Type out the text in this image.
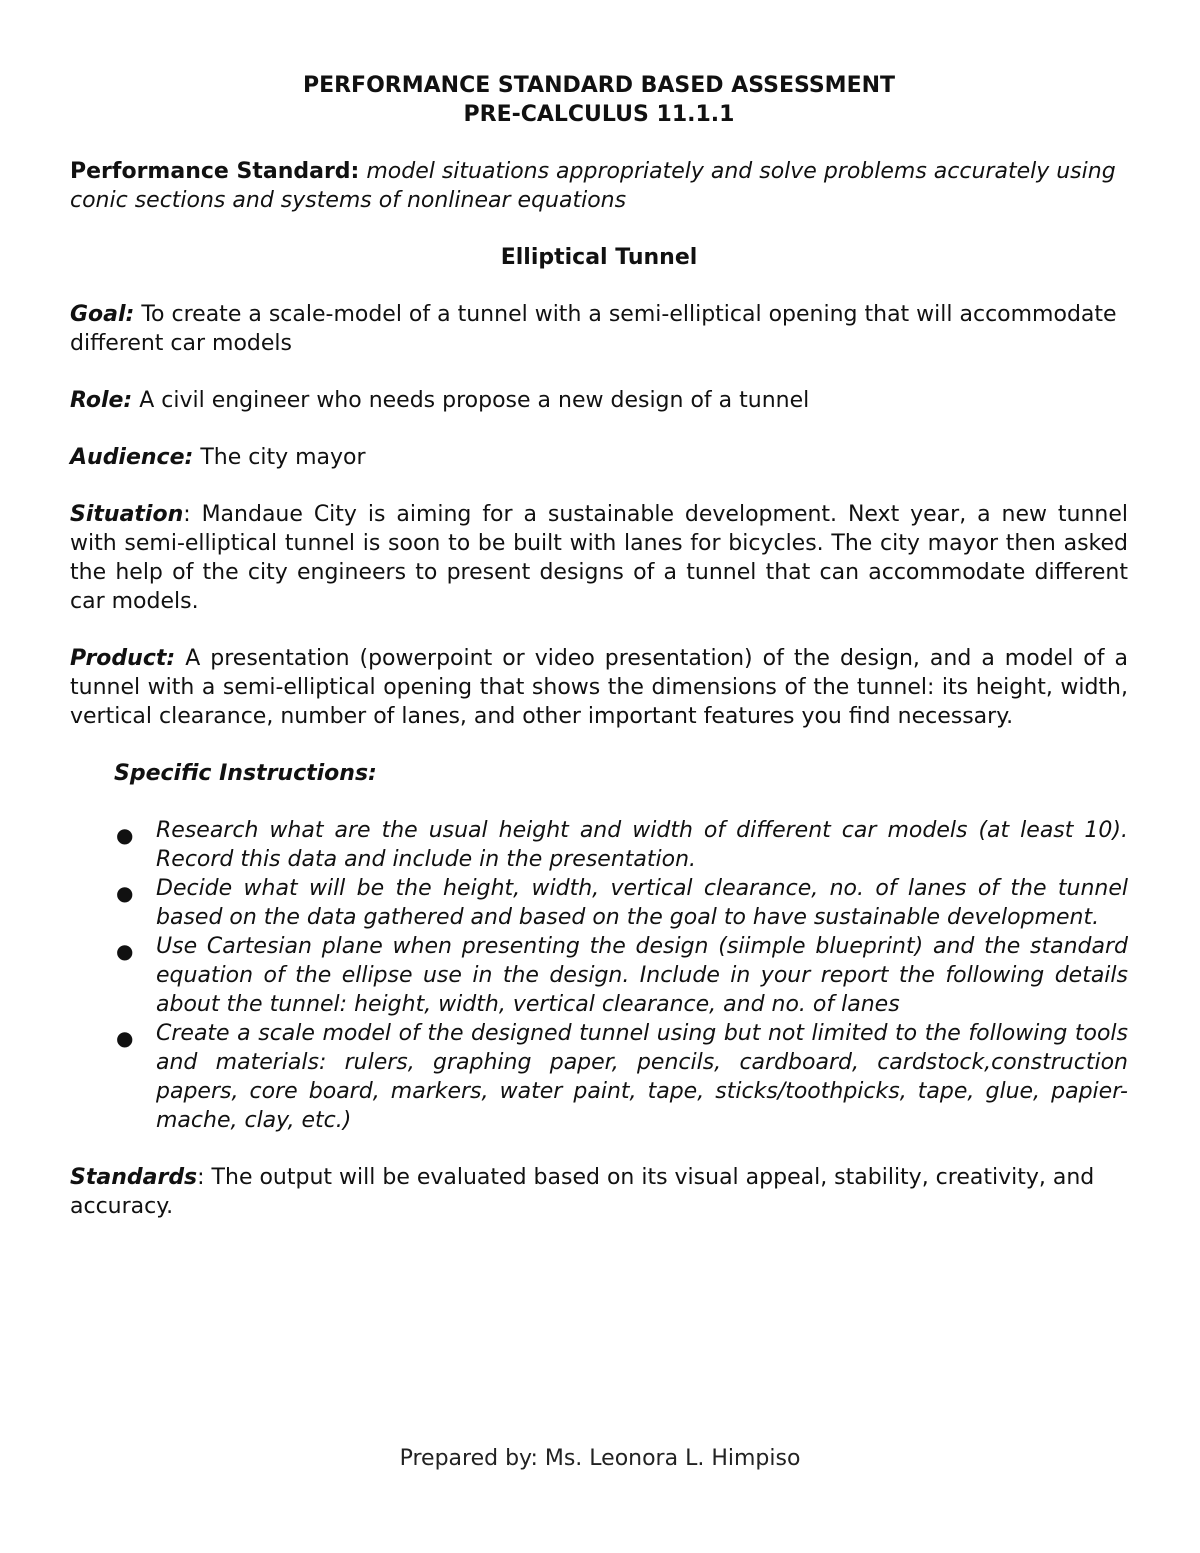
PERFORMANCE STANDARD BASED ASSESSMENT

PRE-CALCULUS 11.1.1

Performance Standard: model situations appropriately and solve problems accurately using conic sections and systems of nonlinear equations

Elliptical Tunnel

Goal: To create a scale-model of a tunnel with a semi-elliptical opening that will accommodate different car models

Role: A civil engineer who needs propose a new design of a tunnel

Audience: The city mayor

Situation: Mandaue City is aiming for a sustainable development. Next year, a new tunnel with semi-elliptical tunnel is soon to be built with lanes for bicycles. The city mayor then asked the help of the city engineers to present designs of a tunnel that can accommodate different car models.

Product: A presentation (powerpoint or video presentation) of the design, and a model of a tunnel with a semi-elliptical opening that shows the dimensions of the tunnel: its height, width, vertical clearance, number of lanes, and other important features you find necessary.

Specific Instructions:

● Research what are the usual height and width of different car models (at least 10). Record this data and include in the presentation.
● Decide what will be the height, width, vertical clearance, no. of lanes of the tunnel based on the data gathered and based on the goal to have sustainable development.
● Use Cartesian plane when presenting the design (siimple blueprint) and the standard equation of the ellipse use in the design. Include in your report the following details about the tunnel: height, width, vertical clearance, and no. of lanes
● Create a scale model of the designed tunnel using but not limited to the following tools and materials: rulers, graphing paper, pencils, cardboard, cardstock,construction papers, core board, markers, water paint, tape, sticks/toothpicks, tape, glue, papier-mache, clay, etc.)

Standards: The output will be evaluated based on its visual appeal, stability, creativity, and accuracy.

Prepared by: Ms. Leonora L. Himpiso
